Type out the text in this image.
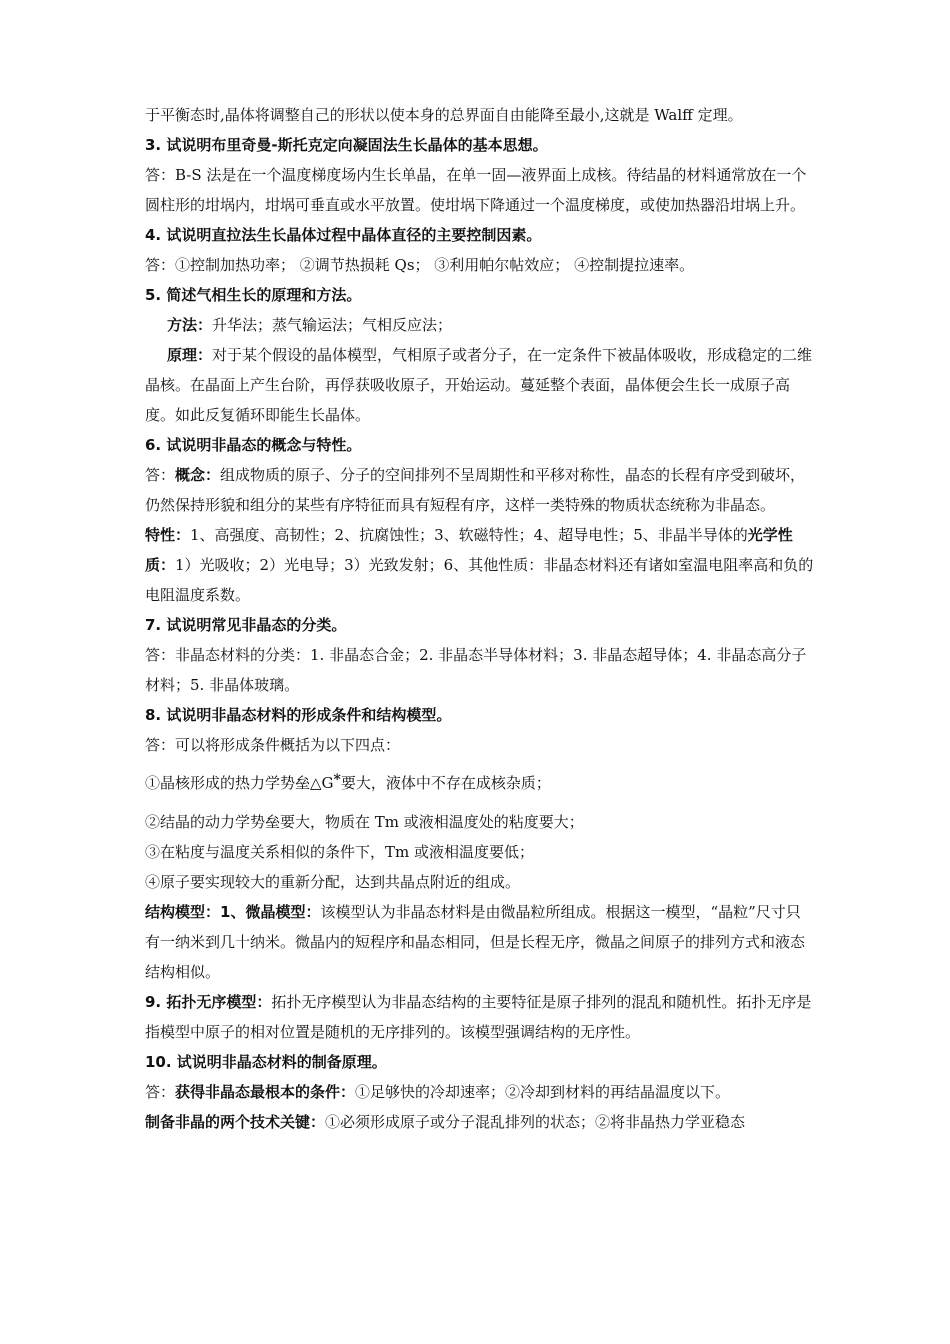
于平衡态时,晶体将调整自己的形状以使本身的总界面自由能降至最小,这就是 Walff 定理。

3. 试说明布里奇曼-斯托克定向凝固法生长晶体的基本思想。

答：B-S 法是在一个温度梯度场内生长单晶，在单一固—液界面上成核。待结晶的材料通常放在一个圆柱形的坩埚内，坩埚可垂直或水平放置。使坩埚下降通过一个温度梯度，或使加热器沿坩埚上升。

4. 试说明直拉法生长晶体过程中晶体直径的主要控制因素。

答：①控制加热功率； ②调节热损耗 Qs； ③利用帕尔帖效应； ④控制提拉速率。

5. 简述气相生长的原理和方法。

方法：升华法；蒸气输运法；气相反应法；

原理：对于某个假设的晶体模型，气相原子或者分子，在一定条件下被晶体吸收，形成稳定的二维晶核。在晶面上产生台阶，再俘获吸收原子，开始运动。蔓延整个表面，晶体便会生长一成原子高度。如此反复循环即能生长晶体。

6. 试说明非晶态的概念与特性。

答：概念：组成物质的原子、分子的空间排列不呈周期性和平移对称性，晶态的长程有序受到破坏，仍然保持形貌和组分的某些有序特征而具有短程有序，这样一类特殊的物质状态统称为非晶态。

特性：1、高强度、高韧性；2、抗腐蚀性；3、软磁特性；4、超导电性；5、非晶半导体的光学性质：1）光吸收；2）光电导；3）光致发射；6、其他性质：非晶态材料还有诸如室温电阻率高和负的电阻温度系数。

7. 试说明常见非晶态的分类。

答：非晶态材料的分类：1. 非晶态合金；2. 非晶态半导体材料；3. 非晶态超导体；4. 非晶态高分子材料；5. 非晶体玻璃。

8. 试说明非晶态材料的形成条件和结构模型。

答：可以将形成条件概括为以下四点：

①晶核形成的热力学势垒△G*要大，液体中不存在成核杂质；

②结晶的动力学势垒要大，物质在 Tm 或液相温度处的粘度要大；

③在粘度与温度关系相似的条件下，Tm 或液相温度要低；

④原子要实现较大的重新分配，达到共晶点附近的组成。

结构模型：1、微晶模型：该模型认为非晶态材料是由微晶粒所组成。根据这一模型，“晶粒”尺寸只有一纳米到几十纳米。微晶内的短程序和晶态相同，但是长程无序，微晶之间原子的排列方式和液态结构相似。

9. 拓扑无序模型：拓扑无序模型认为非晶态结构的主要特征是原子排列的混乱和随机性。拓扑无序是指模型中原子的相对位置是随机的无序排列的。该模型强调结构的无序性。

10. 试说明非晶态材料的制备原理。

答：获得非晶态最根本的条件：①足够快的冷却速率；②冷却到材料的再结晶温度以下。

制备非晶的两个技术关键：①必须形成原子或分子混乱排列的状态；②将非晶热力学亚稳态
